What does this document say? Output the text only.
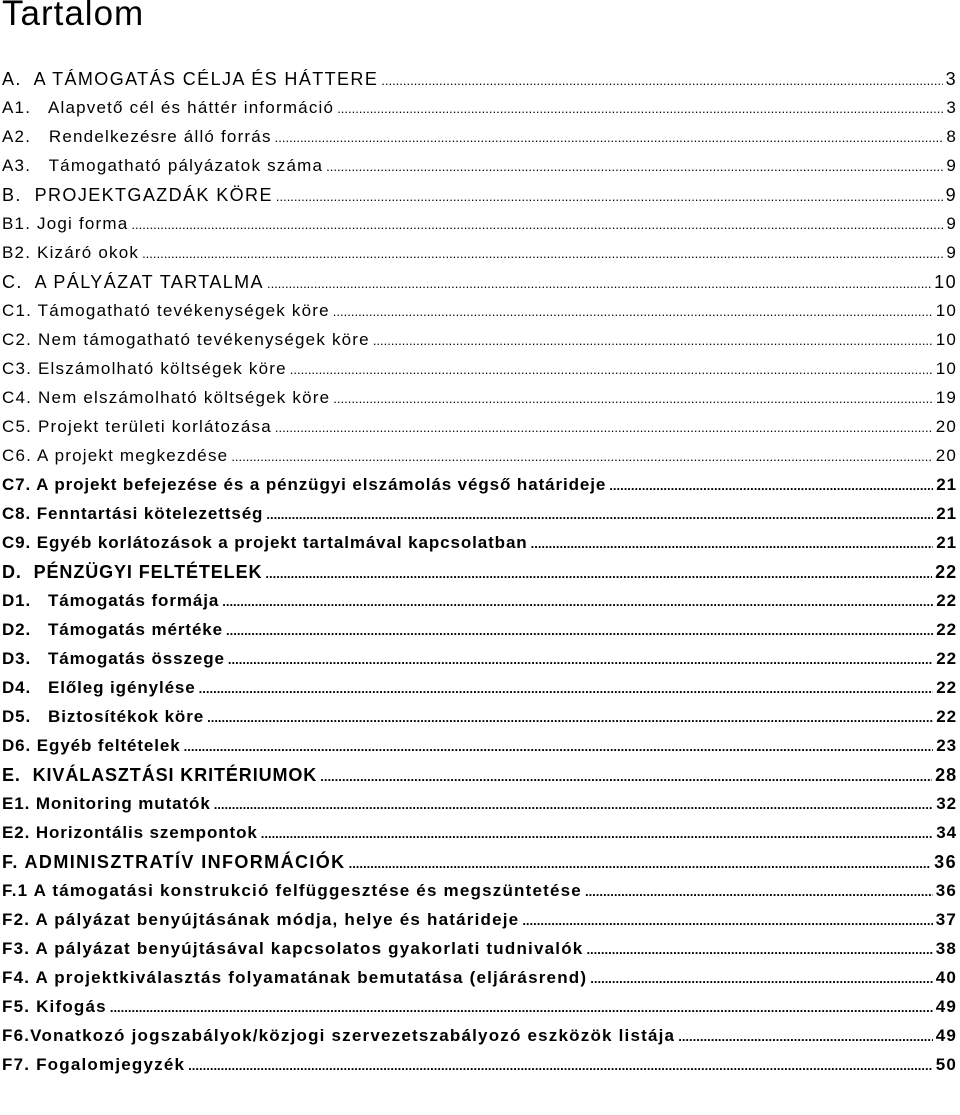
Tartalom
A.  A TÁMOGATÁS CÉLJA ÉS HÁTTERE .....	3
A1.   Alapvető cél és háttér információ .....	3
A2.   Rendelkezésre álló forrás .....	8
A3.   Támogatható pályázatok száma .....	9
B.  PROJEKTGAZDÁK KÖRE .....	9
B1. Jogi forma .....	9
B2. Kizáró okok .....	9
C.  A PÁLYÁZAT TARTALMA .....	10
C1. Támogatható tevékenységek köre .....	10
C2. Nem támogatható tevékenységek köre .....	10
C3. Elszámolható költségek köre .....	10
C4. Nem elszámolható költségek köre .....	19
C5. Projekt területi korlátozása .....	20
C6. A projekt megkezdése .....	20
C7. A projekt befejezése és a pénzügyi elszámolás végső határideje .....	21
C8. Fenntartási kötelezettség .....	21
C9. Egyéb korlátozások a projekt tartalmával kapcsolatban .....	21
D.  PÉNZÜGYI FELTÉTELEK .....	22
D1.   Támogatás formája .....	22
D2.   Támogatás mértéke .....	22
D3.   Támogatás összege .....	22
D4.   Előleg igénylése .....	22
D5.   Biztosítékok köre .....	22
D6. Egyéb feltételek .....	23
E.  KIVÁLASZTÁSI KRITÉRIUMOK .....	28
E1. Monitoring mutatók .....	32
E2. Horizontális szempontok .....	34
F. ADMINISZTRATÍV INFORMÁCIÓK .....	36
F.1 A támogatási konstrukció felfüggesztése és megszüntetése .....	36
F2. A pályázat benyújtásának módja, helye és határideje .....	37
F3. A pályázat benyújtásával kapcsolatos gyakorlati tudnivalók .....	38
F4. A projektkiválasztás folyamatának bemutatása (eljárásrend) .....	40
F5. Kifogás .....	49
F6.Vonatkozó jogszabályok/közjogi szervezetszabályozó eszközök listája .....	49
F7. Fogalomjegyzék .....	50
